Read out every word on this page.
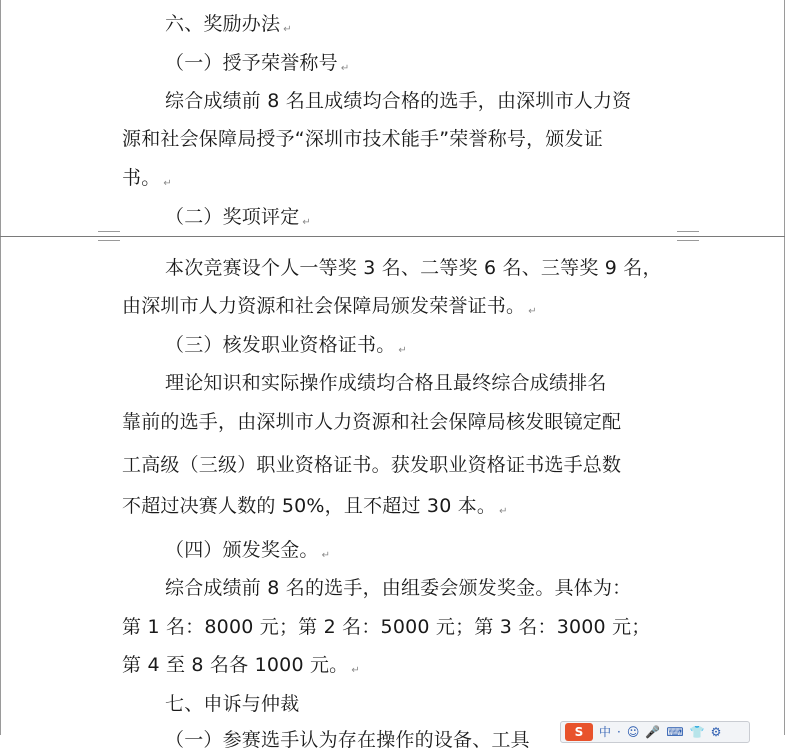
六、奖励办法 ↵
（一）授予荣誉称号 ↵
综合成绩前 8 名且成绩均合格的选手，由深圳市人力资
源和社会保障局授予“深圳市技术能手”荣誉称号，颁发证
书。 ↵
（二）奖项评定 ↵
本次竞赛设个人一等奖 3 名、二等奖 6 名、三等奖 9 名，
由深圳市人力资源和社会保障局颁发荣誉证书。 ↵
（三）核发职业资格证书。 ↵
理论知识和实际操作成绩均合格且最终综合成绩排名
靠前的选手，由深圳市人力资源和社会保障局核发眼镜定配
工高级（三级）职业资格证书。获发职业资格证书选手总数
不超过决赛人数的 50%，且不超过 30 本。 ↵
（四）颁发奖金。 ↵
综合成绩前 8 名的选手，由组委会颁发奖金。具体为：
第 1 名：8000 元；第 2 名：5000 元；第 3 名：3000 元；
第 4 至 8 名各 1000 元。 ↵
七、申诉与仲裁
（一）参赛选手认为存在操作的设备、工具	S	中 · ☺ 🎤 ⌨ 👕 ⚙
